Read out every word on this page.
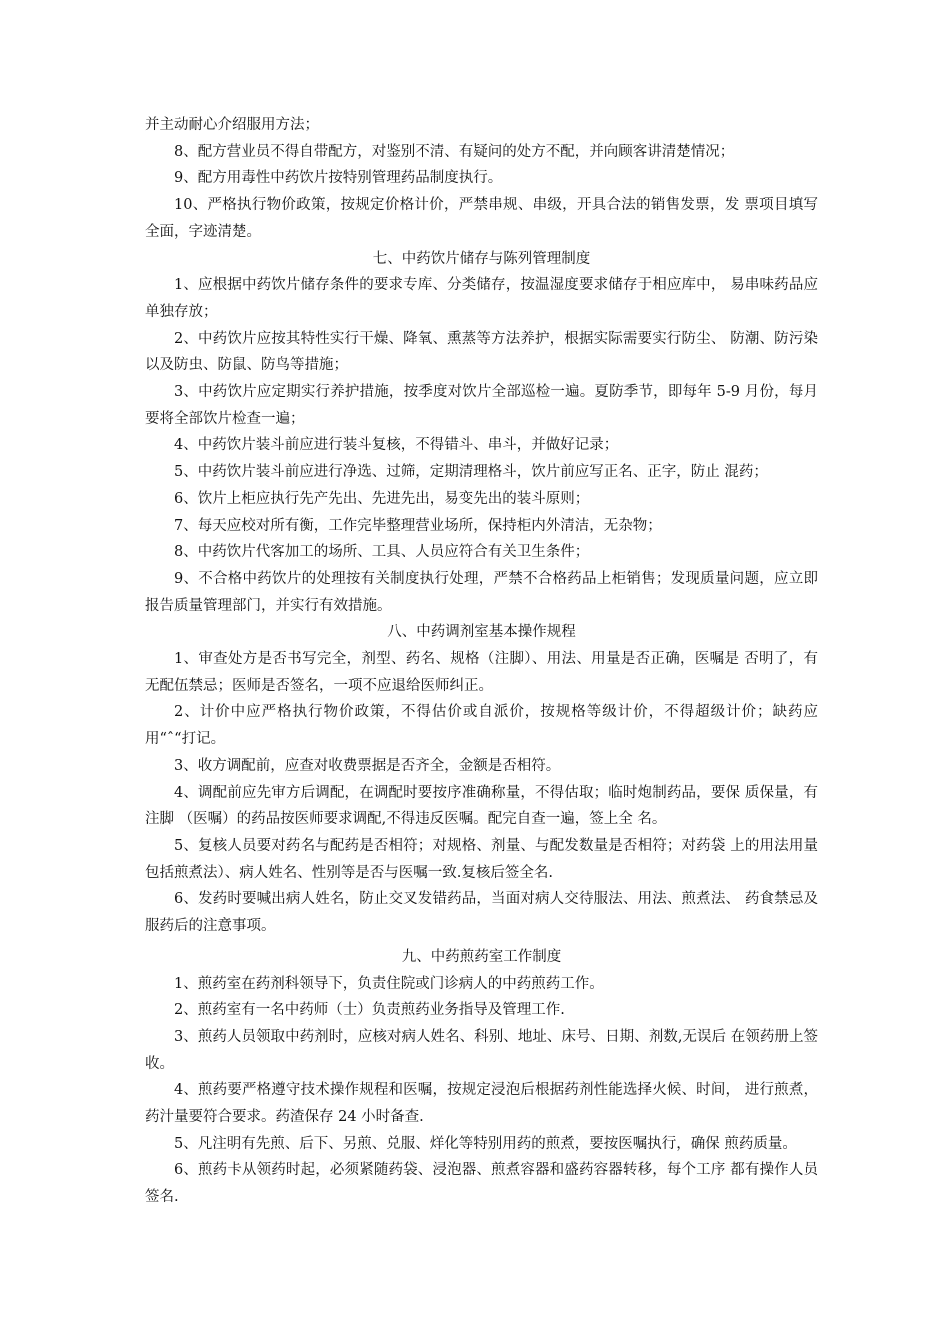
并主动耐心介绍服用方法；

8、配方营业员不得自带配方，对鉴别不清、有疑问的处方不配，并向顾客讲清楚情况；

9、配方用毒性中药饮片按特别管理药品制度执行。

10、严格执行物价政策，按规定价格计价，严禁串规、串级，开具合法的销售发票，发 票项目填写全面，字迹清楚。

七、中药饮片储存与陈列管理制度

1、应根据中药饮片储存条件的要求专库、分类储存，按温湿度要求储存于相应库中， 易串味药品应单独存放；

2、中药饮片应按其特性实行干燥、降氧、熏蒸等方法养护，根据实际需要实行防尘、 防潮、防污染以及防虫、防鼠、防鸟等措施；

3、中药饮片应定期实行养护措施，按季度对饮片全部巡检一遍。夏防季节，即每年 5-9 月份，每月要将全部饮片检查一遍；

4、中药饮片装斗前应进行装斗复核，不得错斗、串斗，并做好记录；

5、中药饮片装斗前应进行净选、过筛，定期清理格斗，饮片前应写正名、正字，防止 混药；

6、饮片上柜应执行先产先出、先进先出，易变先出的装斗原则；

7、每天应校对所有衡，工作完毕整理营业场所，保持柜内外清洁，无杂物；

8、中药饮片代客加工的场所、工具、人员应符合有关卫生条件；

9、不合格中药饮片的处理按有关制度执行处理，严禁不合格药品上柜销售；发现质量问题，应立即报告质量管理部门，并实行有效措施。

八、中药调剂室基本操作规程

1、审查处方是否书写完全，剂型、药名、规格（注脚）、用法、用量是否正确，医嘱是 否明了，有无配伍禁忌；医师是否签名，一项不应退给医师纠正。

2、计价中应严格执行物价政策，不得估价或自派价，按规格等级计价，不得超级计价；缺药应用“ˆ“打记。

3、收方调配前，应查对收费票据是否齐全，金额是否相符。

4、调配前应先审方后调配，在调配时要按序准确称量，不得估取；临时炮制药品，要保 质保量，有注脚 （医嘱）的药品按医师要求调配,不得违反医嘱。配完自查一遍，签上全 名。

5、复核人员要对药名与配药是否相符；对规格、剂量、与配发数量是否相符；对药袋 上的用法用量包括煎煮法）、病人姓名、性别等是否与医嘱一致.复核后签全名.

6、发药时要喊出病人姓名，防止交叉发错药品，当面对病人交待服法、用法、煎煮法、 药食禁忌及服药后的注意事项。

九、中药煎药室工作制度

1、煎药室在药剂科领导下，负责住院或门诊病人的中药煎药工作。

2、煎药室有一名中药师（士）负责煎药业务指导及管理工作.

3、煎药人员领取中药剂时，应核对病人姓名、科别、地址、床号、日期、剂数,无误后 在领药册上签收。

4、煎药要严格遵守技术操作规程和医嘱，按规定浸泡后根据药剂性能选择火候、时间， 进行煎煮，药汁量要符合要求。药渣保存 24 小时备查.

5、凡注明有先煎、后下、另煎、兑服、烊化等特别用药的煎煮，要按医嘱执行，确保 煎药质量。

6、煎药卡从领药时起，必须紧随药袋、浸泡器、煎煮容器和盛药容器转移，每个工序 都有操作人员签名.
